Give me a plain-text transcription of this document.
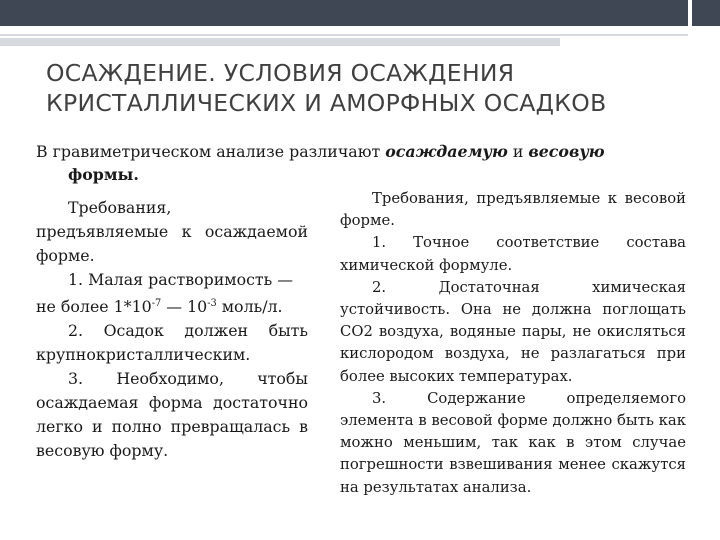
ОСАЖДЕНИЕ. УСЛОВИЯ ОСАЖДЕНИЯ
КРИСТАЛЛИЧЕСКИХ И АМОРФНЫХ ОСАДКОВ
В гравиметрическом анализе различают осаждаемую и весовую
формы.

Требования,

предъявляемые к осаждаемой форме.

1. Малая растворимость —

не более $1*10^{-7}$ — $10^{-3}$ моль/л.

2. Осадок должен быть крупнокристаллическим.

3. Необходимо, чтобы осаждаемая форма достаточно легко и полно превращалась в весовую форму.

Требования, предъявляемые к весовой форме.

1. Точное соответствие состава химической формуле.

2. Достаточная химическая устойчивость. Она не должна поглощать СО2 воздуха, водяные пары, не окисляться кислородом воздуха, не разлагаться при более высоких температурах.

3. Содержание определяемого элемента в весовой форме должно быть как можно меньшим, так как в этом случае погрешности взвешивания менее скажутся на результатах анализа.
